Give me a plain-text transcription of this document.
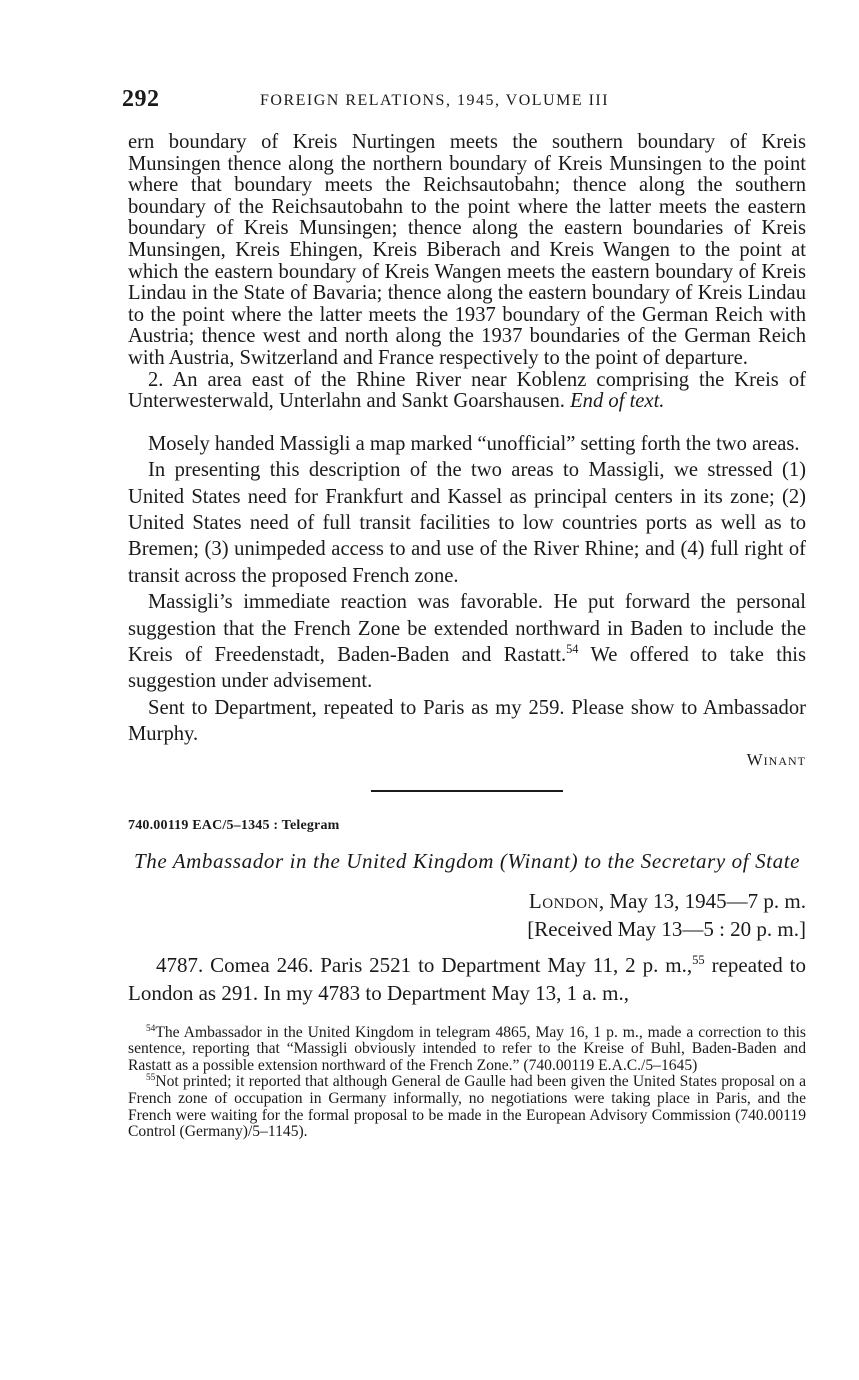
292	FOREIGN RELATIONS, 1945, VOLUME III

ern boundary of Kreis Nurtingen meets the southern boundary of Kreis Munsingen thence along the northern boundary of Kreis Munsingen to the point where that boundary meets the Reichsautobahn; thence along the southern boundary of the Reichsautobahn to the point where the latter meets the eastern boundary of Kreis Munsingen; thence along the eastern boundaries of Kreis Munsingen, Kreis Ehingen, Kreis Biberach and Kreis Wangen to the point at which the eastern boundary of Kreis Wangen meets the eastern boundary of Kreis Lindau in the State of Bavaria; thence along the eastern boundary of Kreis Lindau to the point where the latter meets the 1937 boundary of the German Reich with Austria; thence west and north along the 1937 boundaries of the German Reich with Austria, Switzerland and France respectively to the point of departure.

2. An area east of the Rhine River near Koblenz comprising the Kreis of Unterwesterwald, Unterlahn and Sankt Goarshausen. End of text.

Mosely handed Massigli a map marked “unofficial” setting forth the two areas.

In presenting this description of the two areas to Massigli, we stressed (1) United States need for Frankfurt and Kassel as principal centers in its zone; (2) United States need of full transit facilities to low countries ports as well as to Bremen; (3) unimpeded access to and use of the River Rhine; and (4) full right of transit across the proposed French zone.

Massigli’s immediate reaction was favorable. He put forward the personal suggestion that the French Zone be extended northward in Baden to include the Kreis of Freedenstadt, Baden-Baden and Rastatt.$^{54}$ We offered to take this suggestion under advisement.

Sent to Department, repeated to Paris as my 259. Please show to Ambassador Murphy.

Winant
740.00119 EAC/5–1345 : Telegram
The Ambassador in the United Kingdom (Winant) to the Secretary of State
London, May 13, 1945—7 p. m.
[Received May 13—5 : 20 p. m.]

4787. Comea 246. Paris 2521 to Department May 11, 2 p. m.,$^{55}$ repeated to London as 291. In my 4783 to Department May 13, 1 a. m.,

$^{54}$The Ambassador in the United Kingdom in telegram 4865, May 16, 1 p. m., made a correction to this sentence, reporting that “Massigli obviously intended to refer to the Kreise of Buhl, Baden-Baden and Rastatt as a possible extension northward of the French Zone.” (740.00119 E.A.C./5–1645)

$^{55}$Not printed; it reported that although General de Gaulle had been given the United States proposal on a French zone of occupation in Germany informally, no negotiations were taking place in Paris, and the French were waiting for the formal proposal to be made in the European Advisory Commission (740.00119 Control (Germany)/5–1145).
